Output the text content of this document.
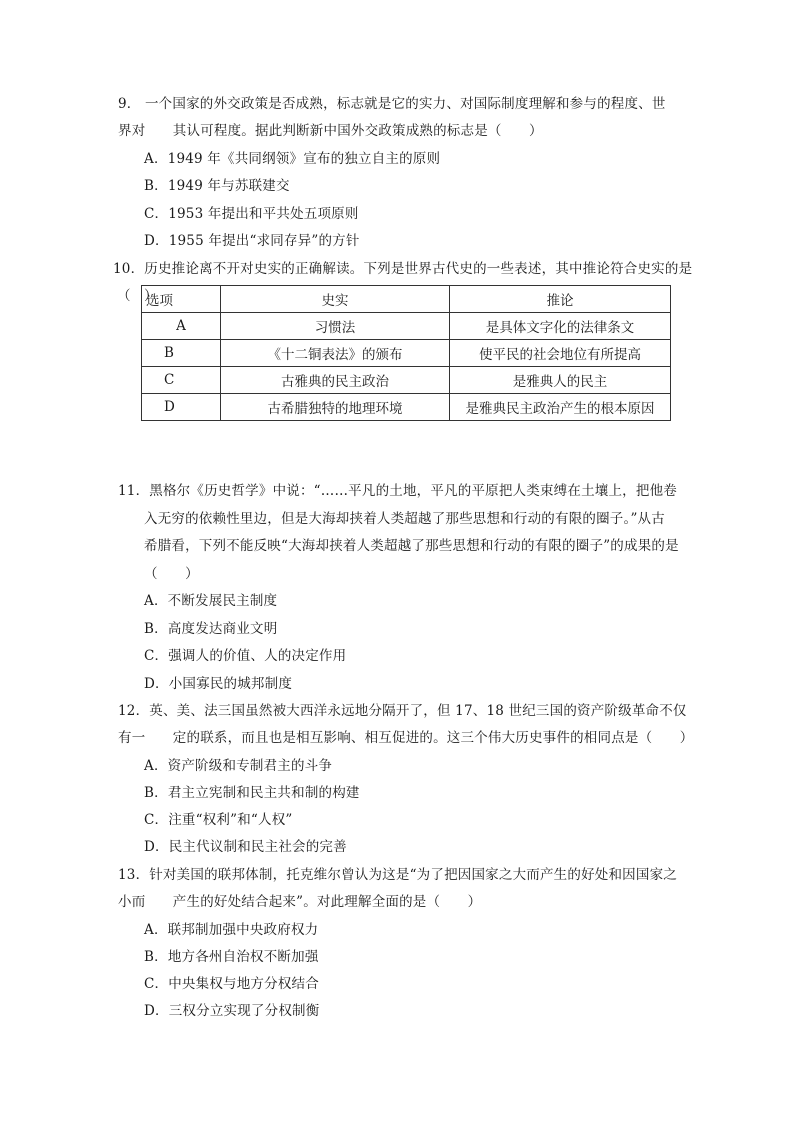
9． 一个国家的外交政策是否成熟，标志就是它的实力、对国际制度理解和参与的程度、世
界对　　其认可程度。据此判断新中国外交政策成熟的标志是（　　）
A．1949 年《共同纲领》宣布的独立自主的原则
B．1949 年与苏联建交
C．1953 年提出和平共处五项原则
D．1955 年提出“求同存异”的方针
10．历史推论离不开对史实的正确解读。下列是世界古代史的一些表述，其中推论符合史实的是
选项	史实	推论
A	习惯法	是具体文字化的法律条文
B	《十二铜表法》的颁布	使平民的社会地位有所提高
C	古雅典的民主政治	是雅典人的民主
D	古希腊独特的地理环境	是雅典民主政治产生的根本原因
（　）
11．黑格尔《历史哲学》中说：“……平凡的土地，平凡的平原把人类束缚在土壤上，把他卷
入无穷的依赖性里边，但是大海却挟着人类超越了那些思想和行动的有限的圈子。”从古
希腊看，下列不能反映“大海却挟着人类超越了那些思想和行动的有限的圈子”的成果的是
（　　）
A．不断发展民主制度
B．高度发达商业文明
C．强调人的价值、人的决定作用
D．小国寡民的城邦制度
12．英、美、法三国虽然被大西洋永远地分隔开了，但 17、18 世纪三国的资产阶级革命不仅
有一　　定的联系，而且也是相互影响、相互促进的。这三个伟大历史事件的相同点是（　　）
A．资产阶级和专制君主的斗争
B．君主立宪制和民主共和制的构建
C．注重“权利”和“人权”
D．民主代议制和民主社会的完善
13．针对美国的联邦体制，托克维尔曾认为这是“为了把因国家之大而产生的好处和因国家之
小而　　产生的好处结合起来”。对此理解全面的是（　　）
A．联邦制加强中央政府权力
B．地方各州自治权不断加强
C．中央集权与地方分权结合
D．三权分立实现了分权制衡
